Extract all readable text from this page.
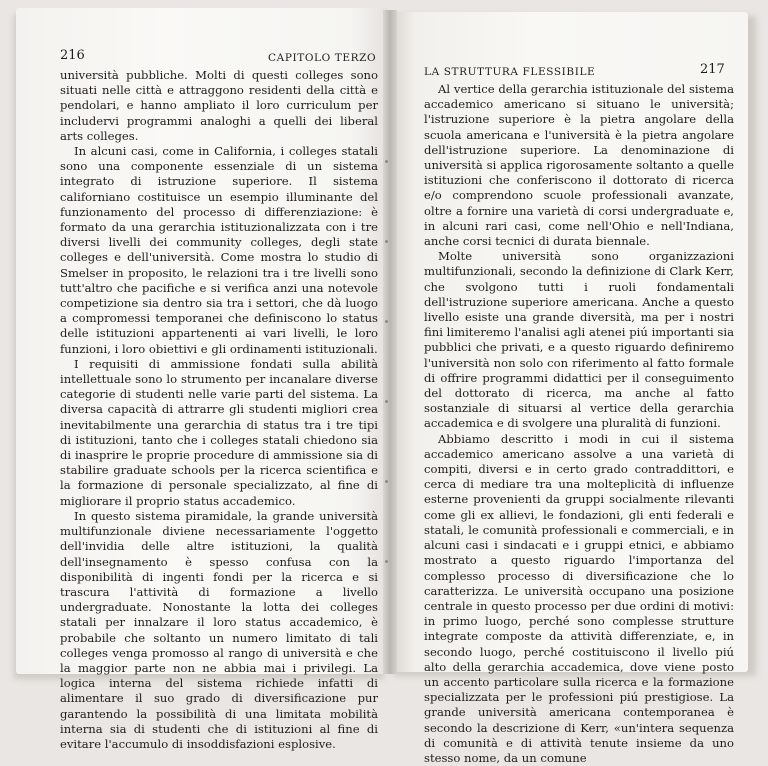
216	CAPITOLO TERZO

università pubbliche. Molti di questi colleges sono situati nelle città e attraggono residenti della città e pendolari, e hanno ampliato il loro curriculum per includervi programmi analoghi a quelli dei liberal arts colleges.

In alcuni casi, come in California, i colleges statali sono una componente essenziale di un sistema integrato di istruzione superiore. Il sistema californiano costituisce un esempio illuminante del funzionamento del processo di differenziazione: è formato da una gerarchia istituzionalizzata con i tre diversi livelli dei community colleges, degli state colleges e dell'università. Come mostra lo studio di Smelser in proposito, le relazioni tra i tre livelli sono tutt'altro che pacifiche e si verifica anzi una notevole competizione sia dentro sia tra i settori, che dà luogo a compromessi temporanei che definiscono lo status delle istituzioni appartenenti ai vari livelli, le loro funzioni, i loro obiettivi e gli ordinamenti istituzionali.

I requisiti di ammissione fondati sulla abilità intellettuale sono lo strumento per incanalare diverse categorie di studenti nelle varie parti del sistema. La diversa capacità di attrarre gli studenti migliori crea inevitabilmente una gerarchia di status tra i tre tipi di istituzioni, tanto che i colleges statali chiedono sia di inasprire le proprie procedure di ammissione sia di stabilire graduate schools per la ricerca scientifica e la formazione di personale specializzato, al fine di migliorare il proprio status accademico.

In questo sistema piramidale, la grande università multifunzionale diviene necessariamente l'oggetto dell'invidia delle altre istituzioni, la qualità dell'insegnamento è spesso confusa con la disponibilità di ingenti fondi per la ricerca e si trascura l'attività di formazione a livello undergraduate. Nonostante la lotta dei colleges statali per innalzare il loro status accademico, è probabile che soltanto un numero limitato di tali colleges venga promosso al rango di università e che la maggior parte non ne abbia mai i privilegi. La logica interna del sistema richiede infatti di alimentare il suo grado di diversificazione pur garantendo la possibilità di una limitata mobilità interna sia di studenti che di istituzioni al fine di evitare l'accumulo di insoddisfazioni esplosive.

LA STRUTTURA FLESSIBILE	217

Al vertice della gerarchia istituzionale del sistema accademico americano si situano le università; l'istruzione superiore è la pietra angolare della scuola americana e l'università è la pietra angolare dell'istruzione superiore. La denominazione di università si applica rigorosamente soltanto a quelle istituzioni che conferiscono il dottorato di ricerca e/o comprendono scuole professionali avanzate, oltre a fornire una varietà di corsi undergraduate e, in alcuni rari casi, come nell'Ohio e nell'Indiana, anche corsi tecnici di durata biennale.

Molte università sono organizzazioni multifunzionali, secondo la definizione di Clark Kerr, che svolgono tutti i ruoli fondamentali dell'istruzione superiore americana. Anche a questo livello esiste una grande diversità, ma per i nostri fini limiteremo l'analisi agli atenei piú importanti sia pubblici che privati, e a questo riguardo definiremo l'università non solo con riferimento al fatto formale di offrire programmi didattici per il conseguimento del dottorato di ricerca, ma anche al fatto sostanziale di situarsi al vertice della gerarchia accademica e di svolgere una pluralità di funzioni.

Abbiamo descritto i modi in cui il sistema accademico americano assolve a una varietà di compiti, diversi e in certo grado contraddittori, e cerca di mediare tra una molteplicità di influenze esterne provenienti da gruppi socialmente rilevanti come gli ex allievi, le fondazioni, gli enti federali e statali, le comunità professionali e commerciali, e in alcuni casi i sindacati e i gruppi etnici, e abbiamo mostrato a questo riguardo l'importanza del complesso processo di diversificazione che lo caratterizza. Le università occupano una posizione centrale in questo processo per due ordini di motivi: in primo luogo, perché sono complesse strutture integrate composte da attività differenziate, e, in secondo luogo, perché costituiscono il livello piú alto della gerarchia accademica, dove viene posto un accento particolare sulla ricerca e la formazione specializzata per le professioni piú prestigiose. La grande università americana contemporanea è secondo la descrizione di Kerr, «un'intera sequenza di comunità e di attività tenute insieme da uno stesso nome, da un comune
